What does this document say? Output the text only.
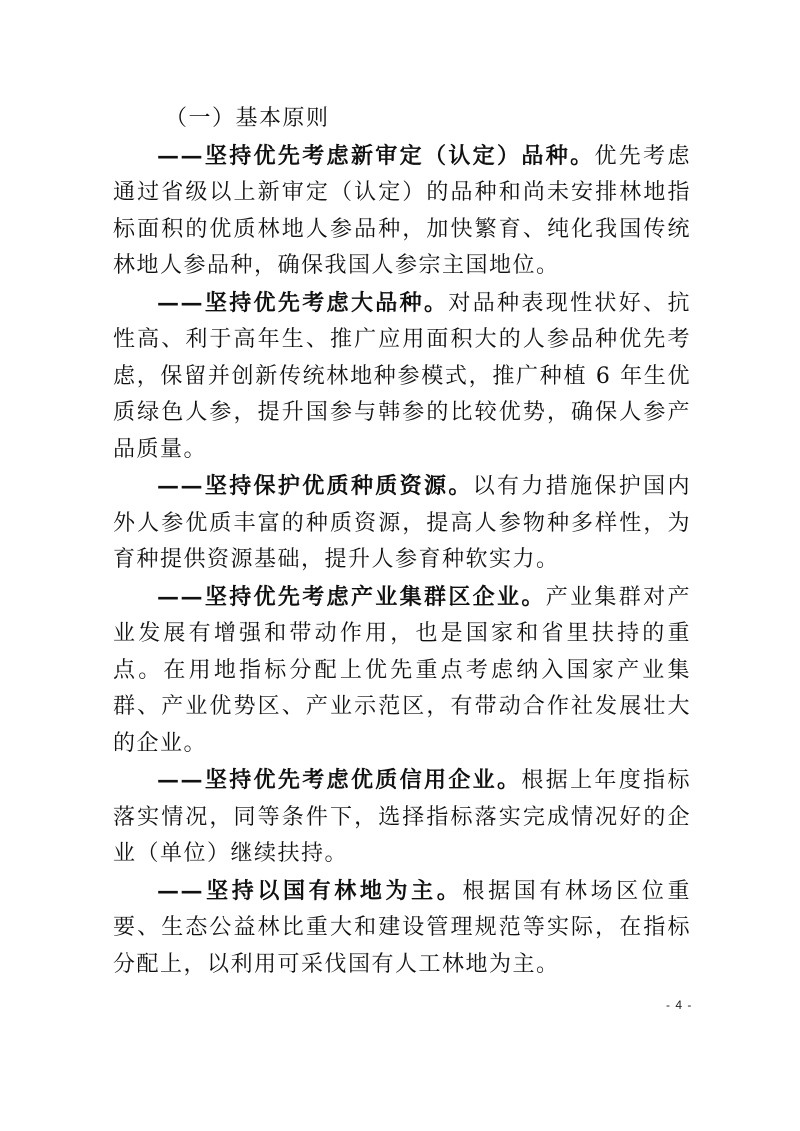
（一）基本原则

——坚持优先考虑新审定（认定）品种。优先考虑通过省级以上新审定（认定）的品种和尚未安排林地指标面积的优质林地人参品种，加快繁育、纯化我国传统林地人参品种，确保我国人参宗主国地位。

——坚持优先考虑大品种。对品种表现性状好、抗性高、利于高年生、推广应用面积大的人参品种优先考虑，保留并创新传统林地种参模式，推广种植 6 年生优质绿色人参，提升国参与韩参的比较优势，确保人参产品质量。

——坚持保护优质种质资源。以有力措施保护国内外人参优质丰富的种质资源，提高人参物种多样性，为育种提供资源基础，提升人参育种软实力。

——坚持优先考虑产业集群区企业。产业集群对产业发展有增强和带动作用，也是国家和省里扶持的重点。在用地指标分配上优先重点考虑纳入国家产业集群、产业优势区、产业示范区，有带动合作社发展壮大的企业。

——坚持优先考虑优质信用企业。根据上年度指标落实情况，同等条件下，选择指标落实完成情况好的企业（单位）继续扶持。

——坚持以国有林地为主。根据国有林场区位重要、生态公益林比重大和建设管理规范等实际，在指标分配上，以利用可采伐国有人工林地为主。

- 4 -
